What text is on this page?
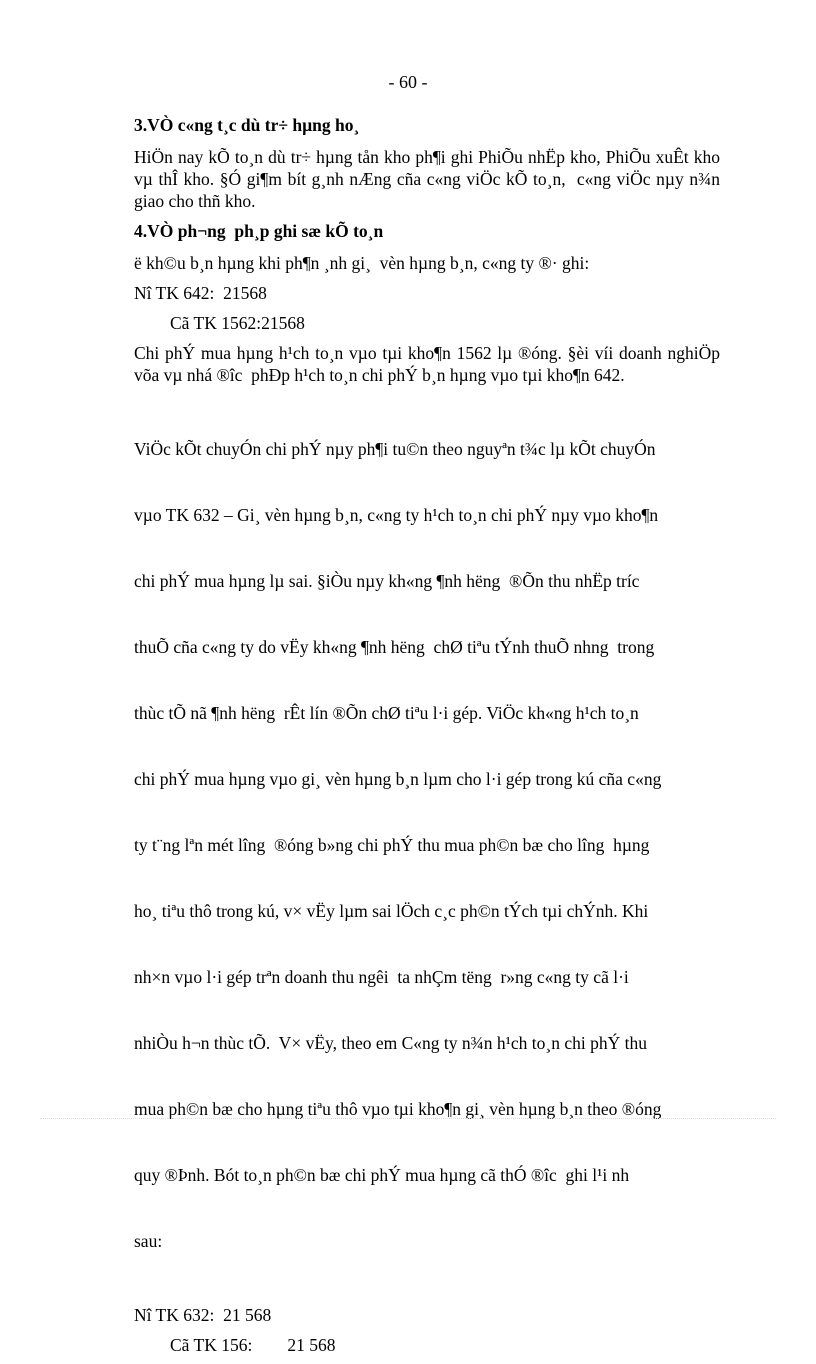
- 60 -
3.VÒ c«ng t¸c dù tr÷ hµng ho¸

HiÖn nay kÕ to¸n dù tr÷ hµng tån kho ph¶i ghi PhiÕu nhËp kho, PhiÕu xuÊt kho vµ thÎ kho. §Ó gi¶m bít g¸nh nÆng cña c«ng viÖc kÕ to¸n,  c«ng viÖc nµy n¾n giao cho thñ kho.

4.VÒ ph¬ng  ph¸p ghi sæ kÕ to¸n

ë kh©u b¸n hµng khi ph¶n ¸nh gi¸  vèn hµng b¸n, c«ng ty ®· ghi:

Nî TK 642:  21568
Cã TK 1562:21568

Chi phÝ mua hµng h¹ch to¸n vµo tµi kho¶n 1562 lµ ®óng. §èi víi doanh nghiÖp võa vµ nhá ®îc  phÐp h¹ch to¸n chi phÝ b¸n hµng vµo tµi kho¶n 642.

ViÖc kÕt chuyÓn chi phÝ nµy ph¶i tu©n theo nguyªn t¾c lµ kÕt chuyÓn

vµo TK 632 – Gi¸ vèn hµng b¸n, c«ng ty h¹ch to¸n chi phÝ nµy vµo kho¶n

chi phÝ mua hµng lµ sai. §iÒu nµy kh«ng ¶nh hëng  ®Õn thu nhËp tríc

thuÕ cña c«ng ty do vËy kh«ng ¶nh hëng  chØ tiªu tÝnh thuÕ nhng  trong

thùc tÕ nã ¶nh hëng  rÊt lín ®Õn chØ tiªu l·i gép. ViÖc kh«ng h¹ch to¸n

chi phÝ mua hµng vµo gi¸ vèn hµng b¸n lµm cho l·i gép trong kú cña c«ng

ty t¨ng lªn mét lîng  ®óng b»ng chi phÝ thu mua ph©n bæ cho lîng  hµng

ho¸ tiªu thô trong kú, v× vËy lµm sai lÖch c¸c ph©n tÝch tµi chÝnh. Khi

nh×n vµo l·i gép trªn doanh thu ngêi  ta nhÇm tëng  r»ng c«ng ty cã l·i

nhiÒu h¬n thùc tÕ.  V× vËy, theo em C«ng ty n¾n h¹ch to¸n chi phÝ thu

mua ph©n bæ cho hµng tiªu thô vµo tµi kho¶n gi¸ vèn hµng b¸n theo ®óng

quy ®Þnh. Bót to¸n ph©n bæ chi phÝ mua hµng cã thÓ ®îc  ghi l¹i nh

sau:

Nî TK 632:  21 568
Cã TK 156:        21 568
